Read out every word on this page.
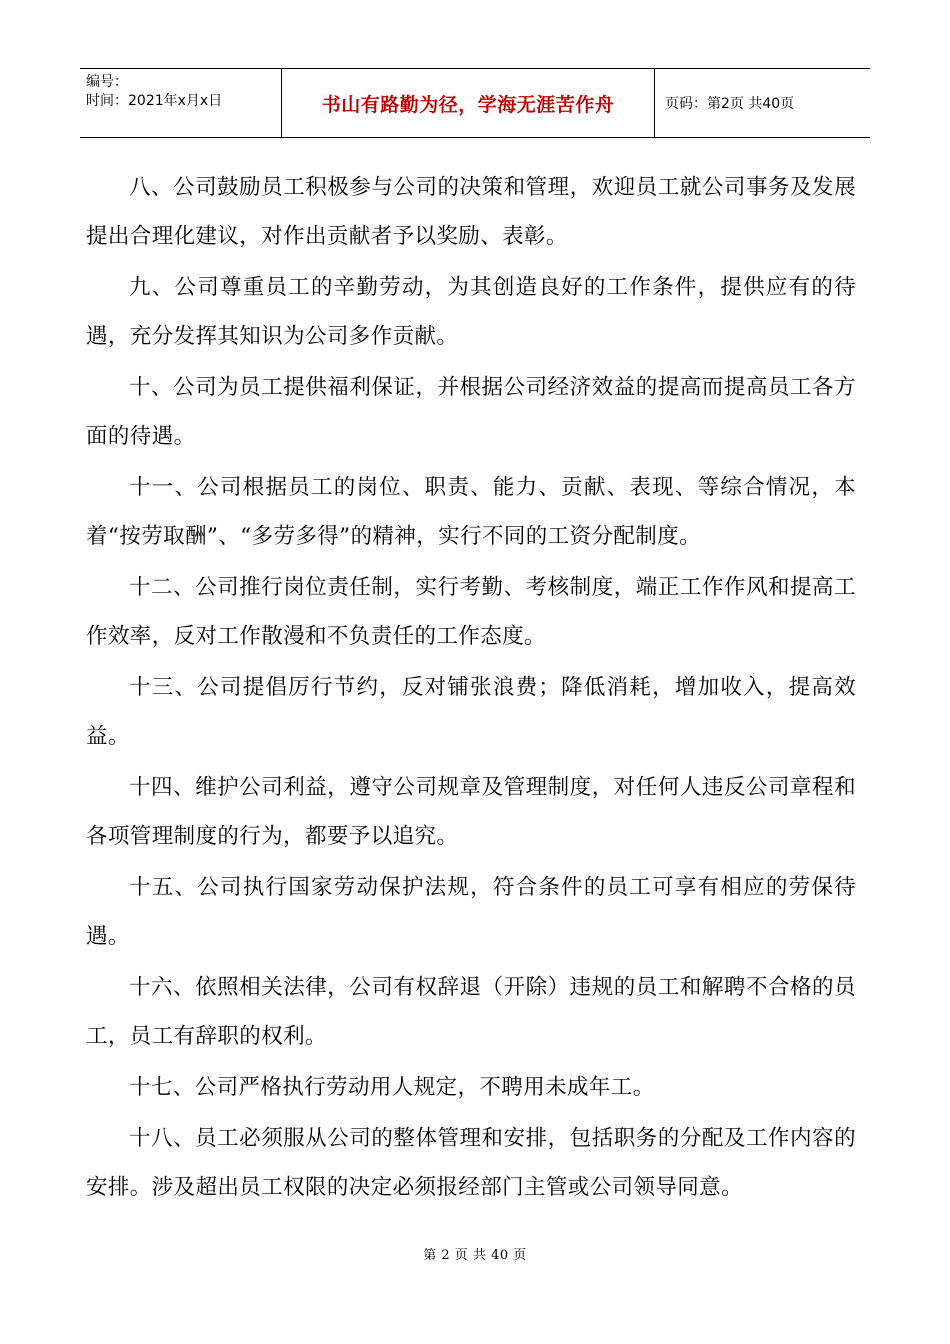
编号：
时间：2021年x月x日	书山有路勤为径，学海无涯苦作舟	页码：第2页 共40页

八、公司鼓励员工积极参与公司的决策和管理，欢迎员工就公司事务及发展提出合理化建议，对作出贡献者予以奖励、表彰。

九、公司尊重员工的辛勤劳动，为其创造良好的工作条件，提供应有的待遇，充分发挥其知识为公司多作贡献。

十、公司为员工提供福利保证，并根据公司经济效益的提高而提高员工各方面的待遇。

十一、公司根据员工的岗位、职责、能力、贡献、表现、等综合情况，本着“按劳取酬”、“多劳多得”的精神，实行不同的工资分配制度。

十二、公司推行岗位责任制，实行考勤、考核制度，端正工作作风和提高工作效率，反对工作散漫和不负责任的工作态度。

十三、公司提倡厉行节约，反对铺张浪费；降低消耗，增加收入，提高效益。

十四、维护公司利益，遵守公司规章及管理制度，对任何人违反公司章程和各项管理制度的行为，都要予以追究。

十五、公司执行国家劳动保护法规，符合条件的员工可享有相应的劳保待遇。

十六、依照相关法律，公司有权辞退（开除）违规的员工和解聘不合格的员工，员工有辞职的权利。

十七、公司严格执行劳动用人规定，不聘用未成年工。

十八、员工必须服从公司的整体管理和安排，包括职务的分配及工作内容的安排。涉及超出员工权限的决定必须报经部门主管或公司领导同意。

第 2 页 共 40 页
